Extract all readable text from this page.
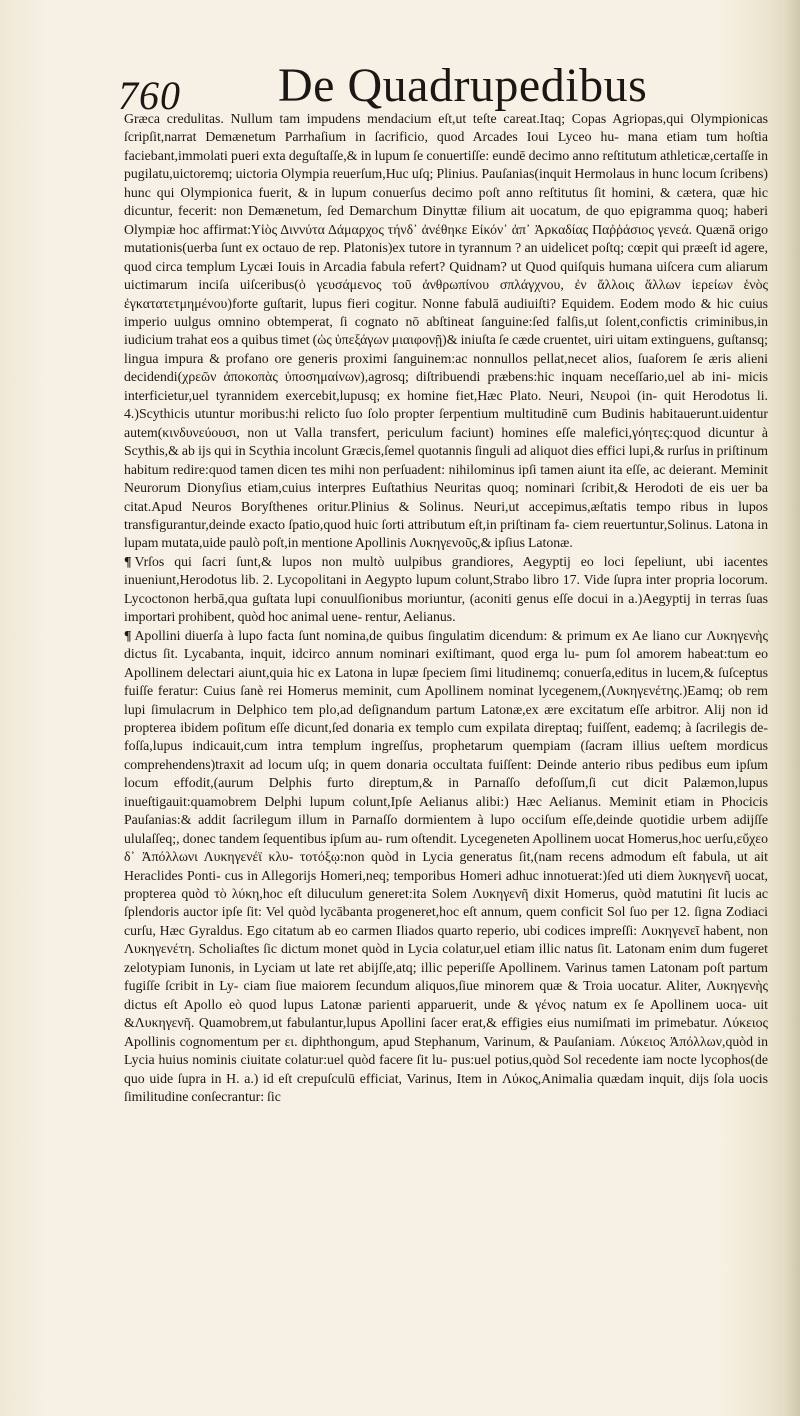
760 De Quadrupedibus

Græca credulitas. Nullum tam impudens mendacium eſt,ut teſte careat.Itaq; Copas Agriopas,qui Olympionicas ſcripſit,narrat Demænetum Parrhaſium in ſacrificio, quod Arcades Ioui Lyceo hu‑ mana etiam tum hoſtia faciebant,immolati pueri exta deguſtaſſe,& in lupum ſe conuertiſſe: eundē decimo anno reſtitutum athleticæ,certaſſe in pugilatu,uictoremq; uictoria Olympia reuerſum,Huc uſq; Plinius. Pauſanias(inquit Hermolaus in hunc locum ſcribens) hunc qui Olympionica fuerit, & in lupum conuerſus decimo poſt anno reſtitutus ſit homini, & cætera, quæ hic dicuntur, fecerit: non Demænetum, ſed Demarchum Dinyttæ filium ait uocatum, de quo epigramma quoq; haberi Olympiæ hoc affirmat:Υἱὸς Διννύτα Δάμαρχος τήνδ᾽ ἀνέθηκε Εἰκόν᾽ ἀπ᾽ Ἀρκαδίας Παῤῥάσιος γενεά. Quænā origo mutationis(uerba ſunt ex octauo de rep. Platonis)ex tutore in tyrannum ? an uidelicet poſtq; cœpit qui præeſt id agere, quod circa templum Lycæi Iouis in Arcadia fabula refert? Quidnam? ut Quod quiſquis humana uiſcera cum aliarum uictimarum inciſa uiſceribus(ὁ γευσάμενος τοῦ ἀνθρωπίνου σπλάγχνου, ἐν ἄλλοις ἄλλων ἱερείων ἑνὸς ἐγκατατετμημένου)forte guſtarit, lupus fieri cogitur. Nonne fabulā audiuiſti? Equidem. Eodem modo & hic cuius imperio uulgus omnino obtemperat, ſi cognato nō abſtineat ſanguine:ſed falſis,ut ſolent,confictis criminibus,in iudicium trahat eos a quibus timet (ὡς ὑπεξάγων μιαιφονῇ)& iniuſta ſe cæde cruentet, uiri uitam extinguens, guſtansq; lingua impura & profano ore generis proximi ſanguinem:ac nonnullos pellat,necet alios, ſuaſorem ſe æris alieni decidendi(χρεῶν ἀποκοπὰς ὑποσημαίνων),agrosq; diſtribuendi præbens:hic inquam neceſſario,uel ab ini‑ micis interficietur,uel tyrannidem exercebit,lupusq; ex homine fiet,Hæc Plato. Neuri, Νευροὶ (in‑ quit Herodotus li. 4.)Scythicis utuntur moribus:hi relicto ſuo ſolo propter ſerpentium multitudinē cum Budinis habitauerunt.uidentur autem(κινδυνεύουσι, non ut Valla transfert, periculum faciunt) homines eſſe malefici,γόητες:quod dicuntur à Scythis,& ab ijs qui in Scythia incolunt Græcis,ſemel quotannis ſinguli ad aliquot dies effici lupi,& rurſus in priſtinum habitum redire:quod tamen dicen tes mihi non perſuadent: nihilominus ipſi tamen aiunt ita eſſe, ac deierant. Meminit Neurorum Dionyſius etiam,cuius interpres Euſtathius Neuritas quoq; nominari ſcribit,& Herodoti de eis uer ba citat.Apud Neuros Boryſthenes oritur.Plinius & Solinus. Neuri,ut accepimus,æſtatis tempo ribus in lupos transfigurantur,deinde exacto ſpatio,quod huic ſorti attributum eſt,in priſtinam fa‑ ciem reuertuntur,Solinus. Latona in lupam mutata,uide paulò poſt,in mentione Apollinis Λυκηγενοῦς,& ipſius Latonæ.

¶ Vrſos qui ſacri ſunt,& lupos non multò uulpibus grandiores, Aegyptij eo loci ſepeliunt, ubi iacentes inueniunt,Herodotus lib. 2. Lycopolitani in Aegypto lupum colunt,Strabo libro 17. Vide ſupra inter propria locorum. Lycoctonon herbā,qua guſtata lupi conuulſionibus moriuntur, (aconiti genus eſſe docui in a.)Aegyptij in terras ſuas importari prohibent, quòd hoc animal uene‑ rentur, Aelianus.

¶ Apollini diuerſa à lupo facta ſunt nomina,de quibus ſingulatim dicendum: & primum ex Ae liano cur Λυκηγενὴς dictus ſit. Lycabanta, inquit, idcirco annum nominari exiſtimant, quod erga lu‑ pum ſol amorem habeat:tum eo Apollinem delectari aiunt,quia hic ex Latona in lupæ ſpeciem ſimi litudinemq; conuerſa,editus in lucem,& ſuſceptus fuiſſe feratur: Cuius ſanè rei Homerus meminit, cum Apollinem nominat lycegenem,(Λυκηγενέτης.)Eamq; ob rem lupi ſimulacrum in Delphico tem plo,ad deſignandum partum Latonæ,ex ære excitatum eſſe arbitror. Alij non id propterea ibidem poſitum eſſe dicunt,ſed donaria ex templo cum expilata direptaq; fuiſſent, eademq; à ſacrilegis de‑ foſſa,lupus indicauit,cum intra templum ingreſſus, prophetarum quempiam (ſacram illius ueſtem mordicus comprehendens)traxit ad locum uſq; in quem donaria occultata fuiſſent: Deinde anterio ribus pedibus eum ipſum locum effodit,(aurum Delphis furto direptum,& in Parnaſſo defoſſum,ſi cut dicit Palæmon,lupus inueſtigauit:quamobrem Delphi lupum colunt,Ipſe Aelianus alibi:) Hæc Aelianus. Meminit etiam in Phocicis Pauſanias:& addit ſacrilegum illum in Parnaſſo dormientem à lupo occiſum eſſe,deinde quotidie urbem adijſſe ululaſſeq;, donec tandem ſequentibus ipſum au‑ rum oſtendit. Lycegeneten Apollinem uocat Homerus,hoc uerſu,εὔχεο δ᾽ Ἀπόλλωνι Λυκηγενέϊ κλυ‑ τοτόξῳ:non quòd in Lycia generatus ſit,(nam recens admodum eſt fabula, ut ait Heraclides Ponti‑ cus in Allegorijs Homeri,neq; temporibus Homeri adhuc innotuerat:)ſed uti diem λυκηγενῆ uocat, propterea quòd τὸ λύκη,hoc eſt diluculum generet:ita Solem Λυκηγενῆ dixit Homerus, quòd matutini ſit lucis ac ſplendoris auctor ipſe ſit: Vel quòd lycābanta progeneret,hoc eſt annum, quem conficit Sol ſuo per 12. ſigna Zodiaci curſu, Hæc Gyraldus. Ego citatum ab eo carmen Iliados quarto reperio, ubi codices impreſſi: Λυκηγενεῖ habent, non Λυκηγενέτη. Scholiaſtes ſic dictum monet quòd in Lycia colatur,uel etiam illic natus ſit. Latonam enim dum fugeret zelotypiam Iunonis, in Lyciam ut late ret abijſſe,atq; illic peperiſſe Apollinem. Varinus tamen Latonam poſt partum fugiſſe ſcribit in Ly‑ ciam ſiue maiorem ſecundum aliquos,ſiue minorem quæ & Troia uocatur. Aliter, Λυκηγενὴς dictus eſt Apollo eò quod lupus Latonæ parienti apparuerit, unde & γένος natum ex ſe Apollinem uoca‑ uit &Λυκηγενῆ. Quamobrem,ut fabulantur,lupus Apollini ſacer erat,& effigies eius numiſmati im primebatur. Λύκειος Apollinis cognomentum per ει. diphthongum, apud Stephanum, Varinum, & Pauſaniam. Λύκειος Ἀπόλλων,quòd in Lycia huius nominis ciuitate colatur:uel quòd facere ſit lu‑ pus:uel potius,quòd Sol recedente iam nocte lycophos(de quo uide ſupra in H. a.) id eſt crepuſculū efficiat, Varinus, Item in Λύκος,Animalia quædam inquit, dijs ſola uocis ſimilitudine conſecrantur: ſic
